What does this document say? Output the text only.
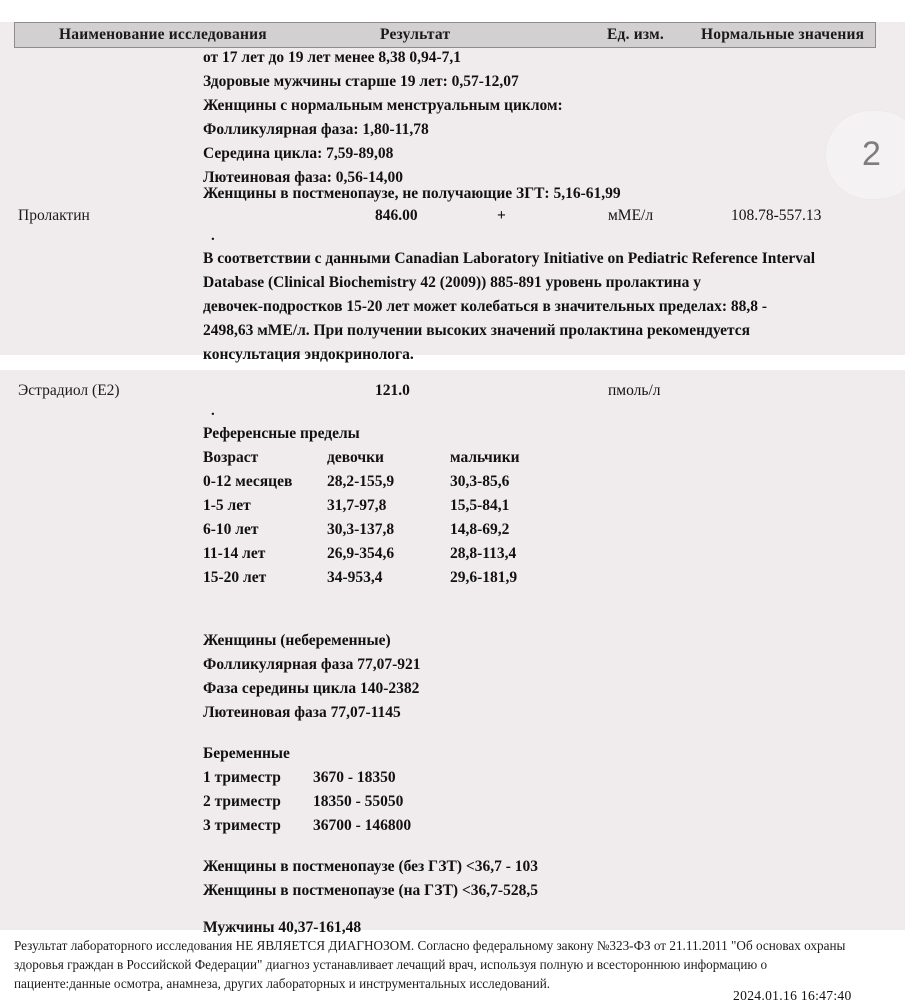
Наименование исследования	Результат	Ед. изм. Нормальные значения
от 17 лет до 19 лет менее 8,38 0,94-7,1
Здоровые мужчины старше 19 лет: 0,57-12,07
Женщины с нормальным менструальным циклом:
Фолликулярная фаза: 1,80-11,78
Середина цикла: 7,59-89,08
Лютеиновая фаза: 0,56-14,00
Женщины в постменопаузе, не получающие ЗГТ: 5,16-61,99
2
Пролактин	846.00	+	мМЕ/л	108.78-557.13
.
В соответствии с данными Canadian Laboratory Initiative on Pediatric Reference Interval
Database (Clinical Biochemistry 42 (2009)) 885-891 уровень пролактина у
девочек-подростков 15-20 лет может колебаться в значительных пределах: 88,8 -
2498,63 мМЕ/л. При получении высоких значений пролактина рекомендуется
консультация эндокринолога.
Эстрадиол (Е2)	121.0	пмоль/л
.
Референсные пределы
Возраст	девочки	мальчики
0-12 месяцев 28,2-155,9	30,3-85,6
1-5 лет	31,7-97,8	15,5-84,1
6-10 лет	30,3-137,8	14,8-69,2
11-14 лет	26,9-354,6	28,8-113,4
15-20 лет	34-953,4	29,6-181,9
Женщины (небеременные)
Фолликулярная фаза 77,07-921
Фаза середины цикла 140-2382
Лютеиновая фаза 77,07-1145
Беременные
1 триместр 3670 - 18350
2 триместр 18350 - 55050
3 триместр 36700 - 146800
Женщины в постменопаузе (без ГЗТ) <36,7 - 103
Женщины в постменопаузе (на ГЗТ) <36,7-528,5
Мужчины 40,37-161,48

Результат лабораторного исследования НЕ ЯВЛЯЕТСЯ ДИАГНОЗОМ. Согласно федеральному закону №323-ФЗ от 21.11.2011 "Об основах охраны

здоровья граждан в Российской Федерации" диагноз устанавливает лечащий врач, используя полную и всестороннюю информацию о

пациенте:данные осмотра, анамнеза, других лабораторных и инструментальных исследований.

2024.01.16 16:47:40
